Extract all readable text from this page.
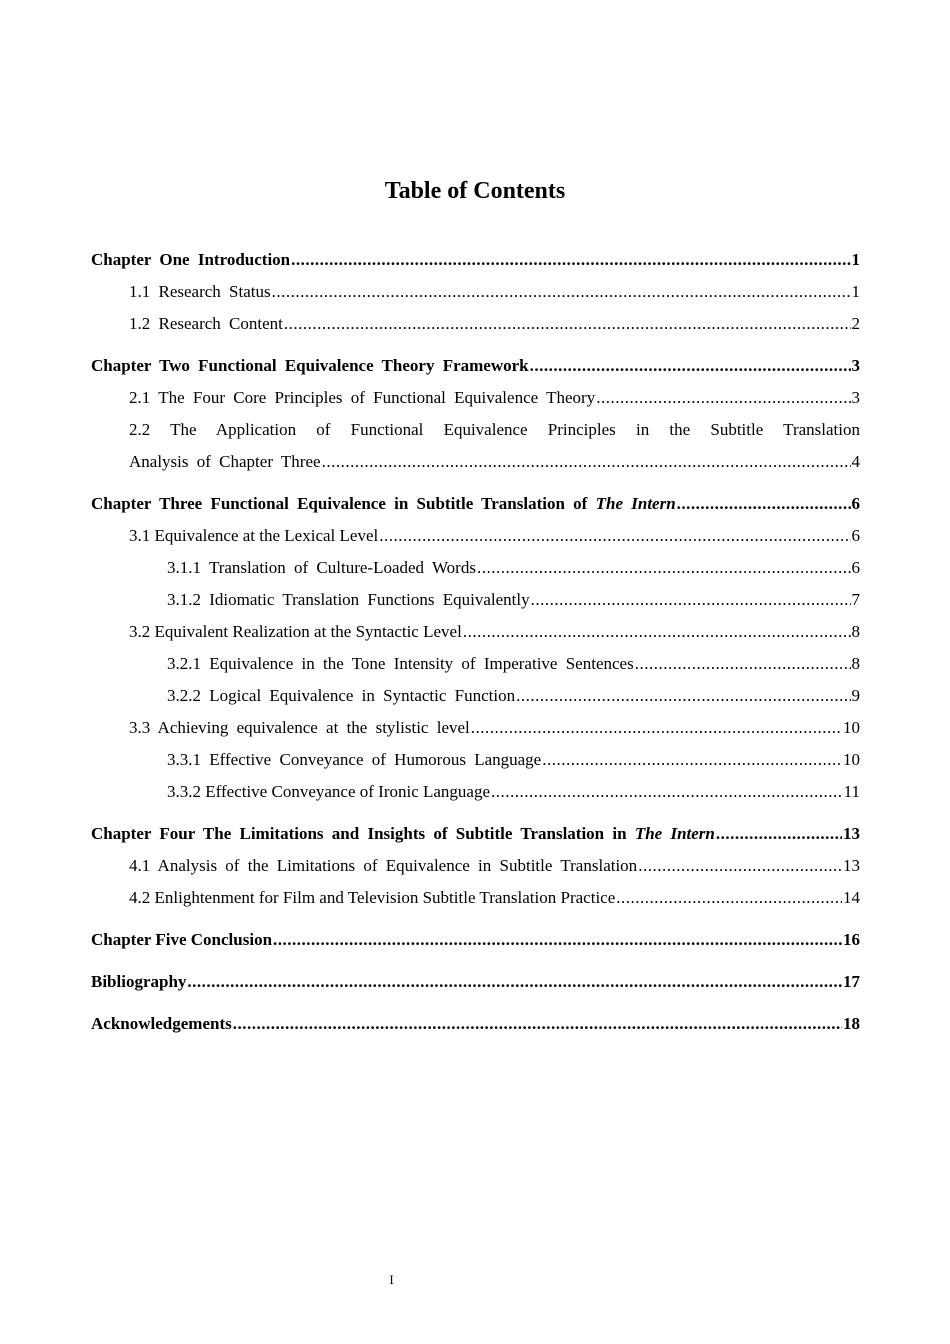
Table of Contents
Chapter One Introduction .....	1
1.1 Research Status .....	1
1.2 Research Content .....	2
Chapter Two Functional Equivalence Theory Framework .....	3
2.1 The Four Core Principles of Functional Equivalence Theory .....	3
2.2 The Application of Functional Equivalence Principles in the Subtitle Translation
Analysis of Chapter Three .....	4
Chapter Three Functional Equivalence in Subtitle Translation of The Intern .....	6
3.1 Equivalence at the Lexical Level .....	6
3.1.1 Translation of Culture-Loaded Words .....	6
3.1.2 Idiomatic Translation Functions Equivalently .....	7
3.2 Equivalent Realization at the Syntactic Level .....	8
3.2.1 Equivalence in the Tone Intensity of Imperative Sentences .....	8
3.2.2 Logical Equivalence in Syntactic Function .....	9
3.3 Achieving equivalence at the stylistic level .....	10
3.3.1 Effective Conveyance of Humorous Language .....	10
3.3.2 Effective Conveyance of Ironic Language .....	11
Chapter Four The Limitations and Insights of Subtitle Translation in The Intern .....	13
4.1 Analysis of the Limitations of Equivalence in Subtitle Translation .....	13
4.2 Enlightenment for Film and Television Subtitle Translation Practice .....	14
Chapter Five Conclusion .....	16
Bibliography .....	17
Acknowledgements .....	18
I
